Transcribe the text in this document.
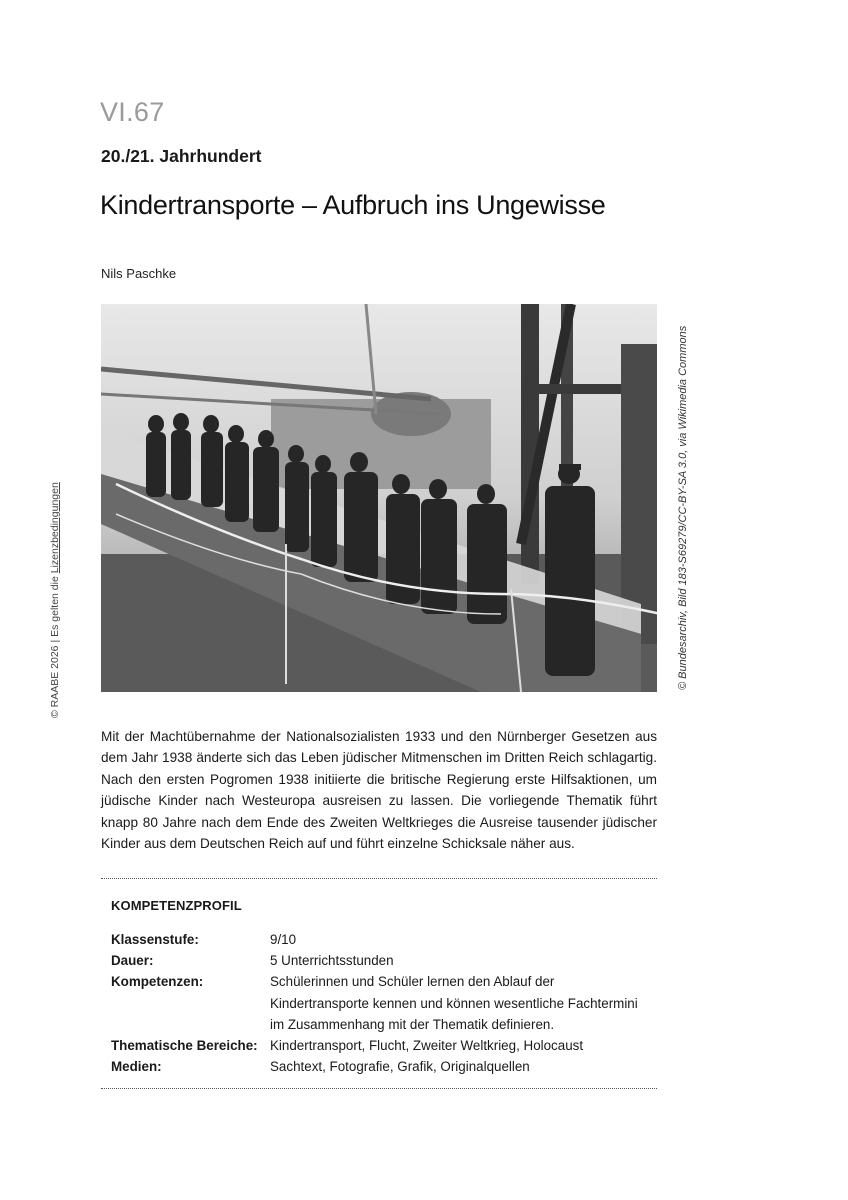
VI.67
20./21. Jahrhundert
Kindertransporte – Aufbruch ins Ungewisse
Nils Paschke
© Bundesarchiv, Bild 183-S69279/CC-BY-SA 3.0, via Wikimedia Commons
© RAABE 2026 | Es gelten die Lizenzbedingungen

Mit der Machtübernahme der Nationalsozialisten 1933 und den Nürnberger Gesetzen aus dem Jahr 1938 änderte sich das Leben jüdischer Mitmenschen im Dritten Reich schlagartig. Nach den ersten Pogromen 1938 initiierte die britische Regierung erste Hilfsaktionen, um jüdische Kinder nach Westeuropa ausreisen zu lassen. Die vorliegende Thematik führt knapp 80 Jahre nach dem Ende des Zweiten Weltkrieges die Ausreise tausender jüdischer Kinder aus dem Deutschen Reich auf und führt einzelne Schicksale näher aus.

KOMPETENZPROFIL
Klassenstufe:	9/10
Dauer:	5 Unterrichtsstunden
Kompetenzen:	Schülerinnen und Schüler lernen den Ablauf der Kindertransporte kennen und können wesentliche Fachtermini im Zusammenhang mit der Thematik definieren.
Thematische Bereiche: Kindertransport, Flucht, Zweiter Weltkrieg, Holocaust
Medien:	Sachtext, Fotografie, Grafik, Originalquellen
